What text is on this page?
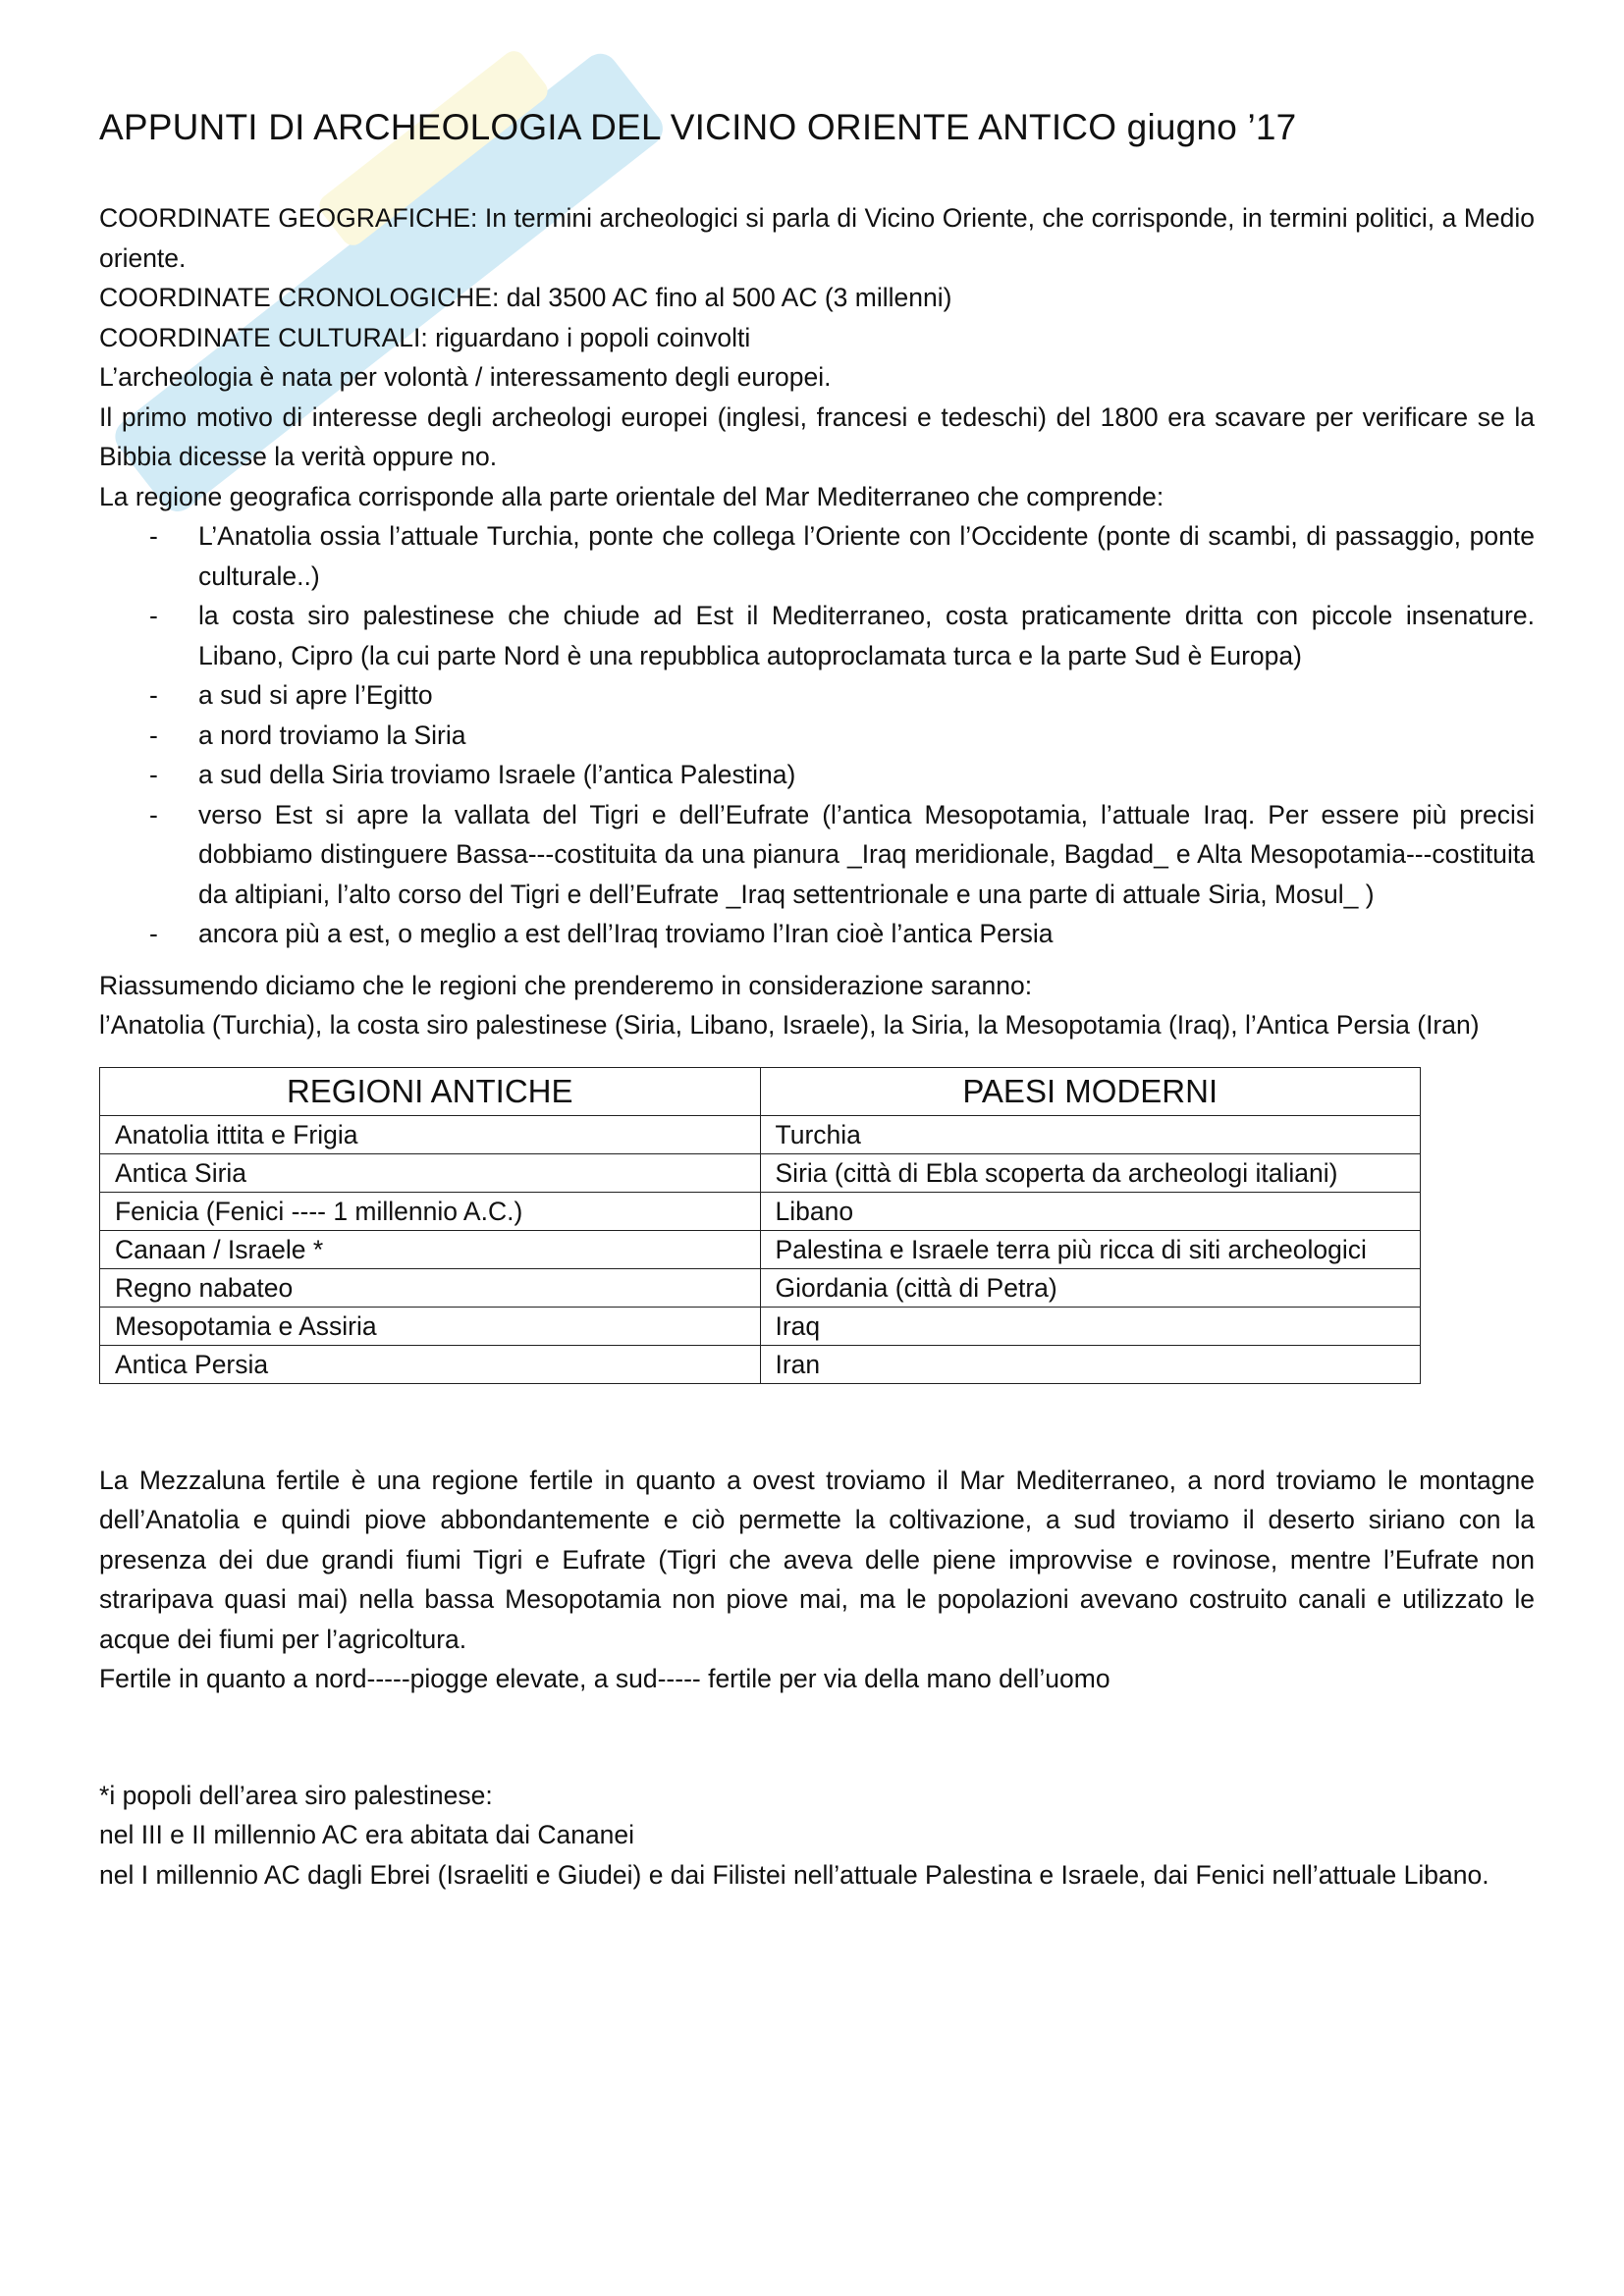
APPUNTI DI ARCHEOLOGIA DEL VICINO ORIENTE ANTICO giugno ’17

COORDINATE GEOGRAFICHE: In termini archeologici si parla di Vicino Oriente, che corrisponde, in termini politici, a Medio oriente.

COORDINATE CRONOLOGICHE: dal 3500 AC fino al 500 AC (3 millenni)

COORDINATE CULTURALI: riguardano i popoli coinvolti

L’archeologia è nata per volontà / interessamento degli europei.

Il primo motivo di interesse degli archeologi europei (inglesi, francesi e tedeschi) del 1800 era scavare per verificare se la Bibbia dicesse la verità oppure no.

La regione geografica corrisponde alla parte orientale del Mar Mediterraneo che comprende:

- L’Anatolia ossia l’attuale Turchia, ponte che collega l’Oriente con l’Occidente (ponte di scambi, di passaggio, ponte culturale..)
- la costa siro palestinese che chiude ad Est il Mediterraneo, costa praticamente dritta con piccole insenature. Libano, Cipro (la cui parte Nord è una repubblica autoproclamata turca e la parte Sud è Europa)
- a sud si apre l’Egitto
- a nord troviamo la Siria
- a sud della Siria troviamo Israele (l’antica Palestina)
- verso Est si apre la vallata del Tigri e dell’Eufrate (l’antica Mesopotamia, l’attuale Iraq. Per essere più precisi dobbiamo distinguere Bassa---costituita da una pianura _Iraq meridionale, Bagdad_ e Alta Mesopotamia---costituita da altipiani, l’alto corso del Tigri e dell’Eufrate _Iraq settentrionale e una parte di attuale Siria, Mosul_ )
- ancora più a est, o meglio a est dell’Iraq troviamo l’Iran cioè l’antica Persia

Riassumendo diciamo che le regioni che prenderemo in considerazione saranno:

l’Anatolia (Turchia), la costa siro palestinese (Siria, Libano, Israele), la Siria, la Mesopotamia (Iraq), l’Antica Persia (Iran)

REGIONI ANTICHE	PAESI MODERNI
Anatolia ittita e Frigia	Turchia
Antica Siria	Siria (città di Ebla scoperta da archeologi italiani)
Fenicia (Fenici ---- 1 millennio A.C.)	Libano
Canaan / Israele *	Palestina e Israele terra più ricca di siti archeologici
Regno nabateo	Giordania (città di Petra)
Mesopotamia e Assiria	Iraq
Antica Persia	Iran

La Mezzaluna fertile è una regione fertile in quanto a ovest troviamo il Mar Mediterraneo, a nord troviamo le montagne dell’Anatolia e quindi piove abbondantemente e ciò permette la coltivazione, a sud troviamo il deserto siriano con la presenza dei due grandi fiumi Tigri e Eufrate (Tigri che aveva delle piene improvvise e rovinose, mentre l’Eufrate non straripava quasi mai) nella bassa Mesopotamia non piove mai, ma le popolazioni avevano costruito canali e utilizzato le acque dei fiumi per l’agricoltura.

Fertile in quanto a nord-----piogge elevate, a sud----- fertile per via della mano dell’uomo

*i popoli dell’area siro palestinese:

nel III e II millennio AC era abitata dai Cananei

nel I millennio AC dagli Ebrei (Israeliti e Giudei) e dai Filistei nell’attuale Palestina e Israele, dai Fenici nell’attuale Libano.
